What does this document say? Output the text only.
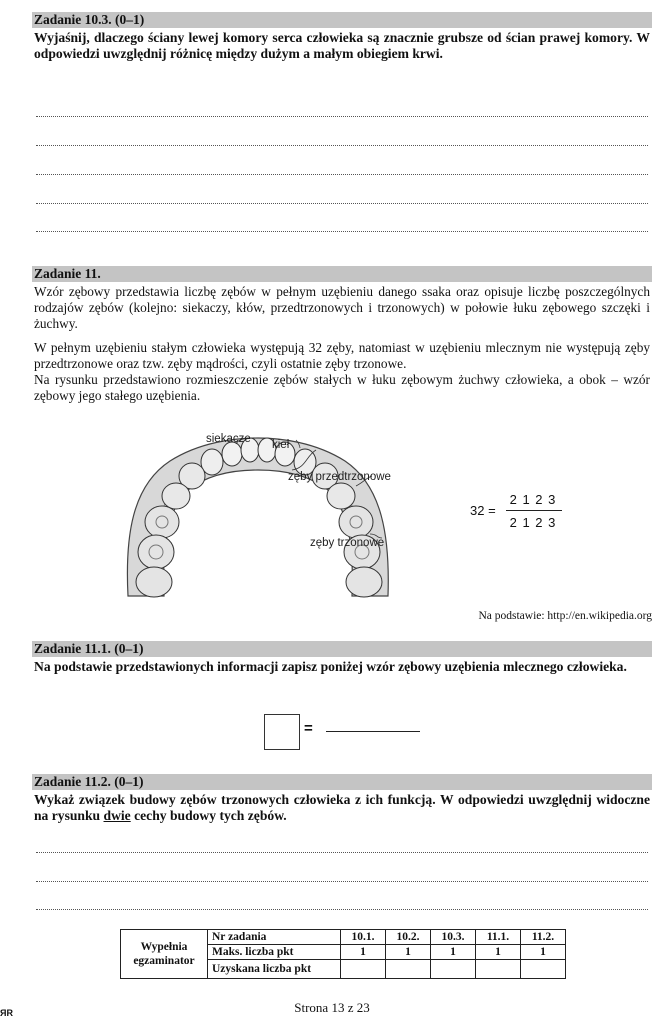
Zadanie 10.3. (0–1)
Wyjaśnij, dlaczego ściany lewej komory serca człowieka są znacznie grubsze od ścian prawej komory. W odpowiedzi uwzględnij różnicę między dużym a małym obiegiem krwi.
Zadanie 11.
Wzór zębowy przedstawia liczbę zębów w pełnym uzębieniu danego ssaka oraz opisuje liczbę poszczególnych rodzajów zębów (kolejno: siekaczy, kłów, przedtrzonowych i trzonowych) w połowie łuku zębowego szczęki i żuchwy.
W pełnym uzębieniu stałym człowieka występują 32 zęby, natomiast w uzębieniu mlecznym nie występują zęby przedtrzonowe oraz tzw. zęby mądrości, czyli ostatnie zęby trzonowe.
Na rysunku przedstawiono rozmieszczenie zębów stałych w łuku zębowym żuchwy człowieka, a obok – wzór zębowy jego stałego uzębienia.
siekacze kieł
zęby przedtrzonowe
zęby trzonowe
32 =
2 1 2 3
2 1 2 3
Na podstawie: http://en.wikipedia.org
Zadanie 11.1. (0–1)
Na podstawie przedstawionych informacji zapisz poniżej wzór zębowy uzębienia mlecznego człowieka.
=
Zadanie 11.2. (0–1)
Wykaż związek budowy zębów trzonowych człowieka z ich funkcją. W odpowiedzi uwzględnij widoczne na rysunku dwie cechy budowy tych zębów.
Wypełnia egzaminator	Nr zadania	10.1.	10.2.	10.3.	11.1.	11.2.
	Maks. liczba pkt	1	1	1	1	1
	Uzyskana liczba pkt					
ЯR	Strona 13 z 23
